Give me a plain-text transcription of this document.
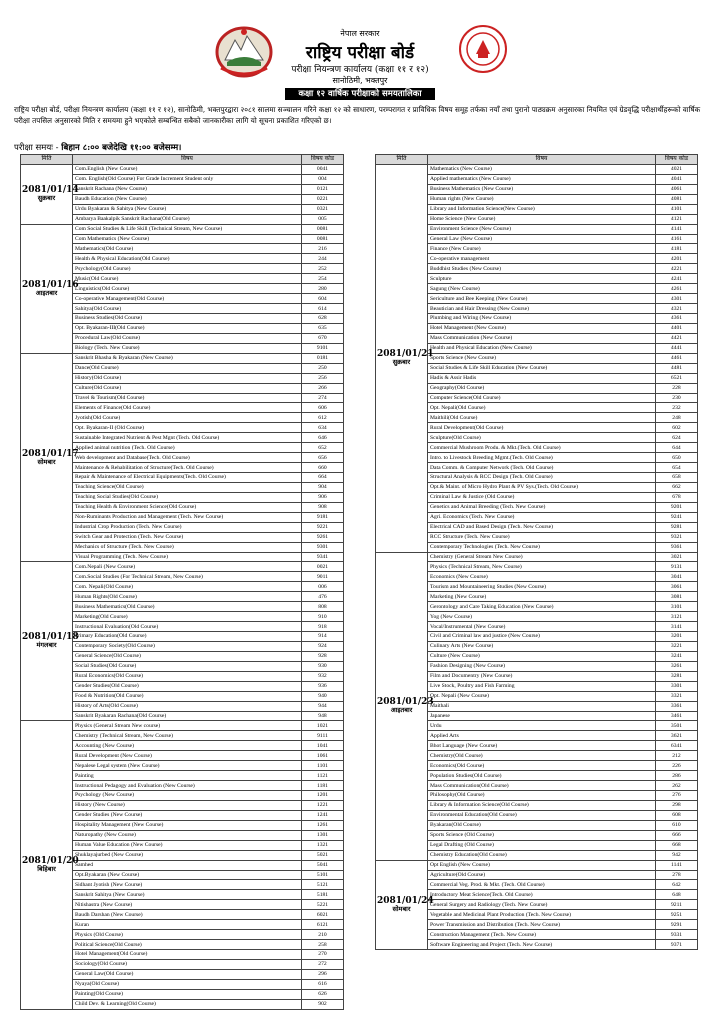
नेपाल सरकार
राष्ट्रिय परीक्षा बोर्ड
परीक्षा नियन्त्रण कार्यालय (कक्षा ११ र १२)
सानोठिमी, भक्तपुर
कक्षा १२ वार्षिक परीक्षाको समयतालिका
राष्ट्रिय परीक्षा बोर्ड, परीक्षा नियन्त्रण कार्यालय (कक्षा ११ र १२), सानोठिमी, भक्तपुरद्वारा २०८१ सालमा सञ्चालन गरिने कक्षा १२ को साधारण, परम्परागत र प्राविधिक विषय समूह तर्फका नयाँ तथा पुरानो पाठ्यक्रम अनुसारका नियमित एवं ग्रेडवृद्धि परीक्षार्थीहरूको वार्षिक परीक्षा तपसिल अनुसारको मिति र समयमा हुने भएकोले सम्बन्धित सबैको जानकारीका लागि यो सूचना प्रकाशित गरिएको छ।
परीक्षा समयः - बिहान ८:०० बजेदेखि ११:०० बजेसम्म।
मिति	विषय	विषय कोड

2081/01/14
सुक्रबार	Com.English (New Course)	0041
	Com. English(Old Course) For Grade Increment Student only	004
	Sanskrit Rachana (New Course)	0121
	Baudh Education (New Course)	0221
	Urdu Byakaran & Sahitya (New Course)	0321
	Ambarya Baakalpik Sanskrit Rachana(Old Course)	005

2081/01/16
आइतबार	Com Social Studies & Life Skill (Technical Stream, New Course)	0081
	Com Mathematics (New Course)	0081
	Mathematics(Old Course)	216
	Health & Physical Education(Old Course)	244
	Psychology(Old Course)	252
	Music(Old Course)	254
	Linguistics(Old Course)	280
	Co-operative Management(Old Course)	604
	Sahitya(Old Course)	614
	Business Studies(Old Course)	628
	Opt. Byakaran-III(Old Course)	635
	Procedural Law(Old Course)	670
	Biology (Tech. New Course)	9101

2081/01/17
सोमबार	Sanskrit Bhasha & Byakaran (New Course)	0181
	Dance(Old Course)	250
	History(Old Course)	256
	Culture(Old Course)	266
	Travel & Tourism(Old Course)	274
	Elements of Finance(Old Course)	606
	Jyotish(Old Course)	612
	Opt. Byakaran-II (Old Course)	634
	Sustainable Integrated Nutrient & Pest Mgnt (Tech. Old Course)	646
	Applied animal nutrition (Tech. Old Course)	652
	Web development and Database(Tech. Old Course)	656
	Maintenance & Rehabilitation of Structure(Tech. Old Course)	660
	Repair & Maintenance of Electrical Equipments(Tech. Old Course)	664
	Teaching Science(Old Course)	904
	Teaching Social Studies(Old Course)	906
	Teaching Health & Environment Science(Old Course)	908
	Non-Ruminants Production and Management (Tech. New Course)	9181
	Industrial Crop Production (Tech. New Course)	9221
	Switch Gear and Protection (Tech. New Course)	9261
	Mechanics of Structure (Tech. New Course)	9301
	Visual Programming (Tech. New Course)	9341

2081/01/18
मंगलबार	Com.Nepali (New Course)	0021
	Com.Social Studies (For Technical Stream, New Course)	9011
	Com. Nepali(Old Course)	006
	Human Rights(Old Course)	476
	Business Mathematics(Old Course)	808
	Marketing(Old Course)	910
	Instructional Evaluation(Old Course)	918
	Primary Education(Old Course)	914
	Contemporary Society(Old Course)	924
	General Science(Old Course)	928
	Social Studies(Old Course)	930
	Rural Economics(Old Course)	932
	Gender Studies(Old Course)	936
	Food & Nutrition(Old Course)	940
	History of Arts(Old Course)	944
	Sanskrit Byakaran Rachana(Old Course)	948

2081/01/20
बिहिबार	Physics (General Stream New course)	1021
	Chemistry (Technical Stream, New Course)	9111
	Accounting (New Course)	1041
	Rural Development (New Course)	1061
	Nepalese Legal system (New Course)	1101
	Painting	1121
	Instructional Pedagogy and Evaluation (New Course)	1181
	Psychology (New Course)	1201
	History (New Course)	1221
	Gender Studies (New Course)	1241
	Hospitality Management (New Course)	1261
	Naturopathy (New Course)	1301
	Human Value Education (New Course)	1321
	Shuklayajurbed (New Course)	5021
	Samhed	5041
	Opt.Byakaran (New Course)	5101
	Sidhant Jyotish (New Course)	5121
	Sanskrit Sahitya (New Course)	5181
	Nitishastra (New Course)	5221
	Baudh Darshan (New Course)	6021
	Kuran	6121
	Physics (Old Course)	210
	Political Science(Old Course)	258
	Hotel Management(Old Course)	270
	Sociology(Old Course)	272
	General Law(Old Course)	296
	Nyaya(Old Course)	616
	Painting(Old Course)	626
	Child Dev. & Learning(Old Course)	902
मिति	विषय	विषय कोड

2081/01/21
सुक्रबार	Mathematics (New Course)	4021
	Applied mathematics (New Course)	4041
	Business Mathematics (New Course)	4061
	Human rights (New Course)	4081
	Library and Information Science(New Course)	4101
	Home Science (New Course)	4121
	Environment Science (New Course)	4141
	General Law (New Course)	4161
	Finance (New Course)	4181
	Co-operative management	4201
	Buddhist Studies (New Course)	4221
	Sculpture	4241
	Sagung (New Course)	4261
	Sericulture and Bee Keeping (New Course)	4301
	Beautician and Hair Dressing (New Course)	4321
	Plumbing and Wiring (New Course)	4361
	Hotel Management (New Course)	4401
	Mass Communication (New Course)	4421
	Health and Physical Education (New Course)	4441
	Sports Science (New Course)	4461
	Social Studies & Life Skill Education (New Course)	4481
	Hadis & Assir Hadis	6521
	Geography(Old Course)	228
	Computer Science(Old Course)	230
	Opt. Nepali(Old Course)	232
	Maithili(Old Course)	248
	Rural Development(Old Course)	602
	Sculpture(Old Course)	624
	Commercial Mushroom Produ. & Mkt.(Tech. Old Course)	644
	Intro. to Livestock Breeding Mgmt.(Tech. Old Course)	650
	Data Comm. & Computer Network (Tech. Old Course)	654
	Structural Analysis & RCC Design (Tech. Old Course)	658
	Opt.& Maint. of Micro Hydro Plant & PV Sys.(Tech. Old Course)	662
	Criminal Law & Justice (Old Course)	678
	Genetics and Animal Breeding (Tech. New Course)	9201
	Agri. Economics (Tech. New Course)	9241
	Electrical CAD and Based Design (Tech. New Course)	9281
	RCC Structure (Tech. New Course)	9321
	Contemporary Technologies (Tech. New Course)	9361

2081/01/23
आइतबार	Chemistry (General Stream New Course)	3021
	Physics (Technical Stream, New Course)	9131
	Economics (New Course)	3041
	Tourism and Mountaineering Studies (New Course)	3061
	Marketing (New Course)	3081
	Gerontology and Care Taking Education (New Course)	3101
	Yog (New Course)	3121
	Vocal/Instrumental (New Course)	3141
	Civil and Criminal law and justice (New Course)	3201
	Culinary Arts (New Course)	3221
	Culture (New Course)	3241
	Fashion Designing (New Course)	3261
	Film and Documentry (New Course)	3281
	Live Stock, Poultry and Fish Farming	3301
	Opt. Nepali (New Course)	3321
	Maithali	3361
	Japanese	3461
	Urdu	3501
	Applied Arts	3621
	Bhot Language (New Course)	6341
	Chemistry(Old Course)	212
	Economics(Old Course)	226
	Population Studies(Old Course)	286
	Mass Communication(Old Course)	262
	Philosophy(Old Course)	276
	Library & Information Science(Old Course)	298
	Environmental Education(Old Course)	608
	Byakaran(Old Course)	610
	Sports Science (Old Course)	666
	Legal Drafting (Old Course)	668
	Chemistry Education(Old Course)	942

2081/01/24
सोमबार	Opt English (New Course)	1141
	Agriculture(Old Course)	278
	Commercial Veg. Prod. & Mkt. (Tech. Old Course)	642
	Introductory Meat Science(Tech. Old Course)	648
	General Surgery and Radiology (Tech. New Course)	9211
	Vegetable and Medicinal Plant Production (Tech. New Course)	9251
	Power Transmission and Distribution (Tech. New Course)	9291
	Construction Management (Tech. New Course)	9331
	Software Engineering and Project (Tech. New Course)	9371
